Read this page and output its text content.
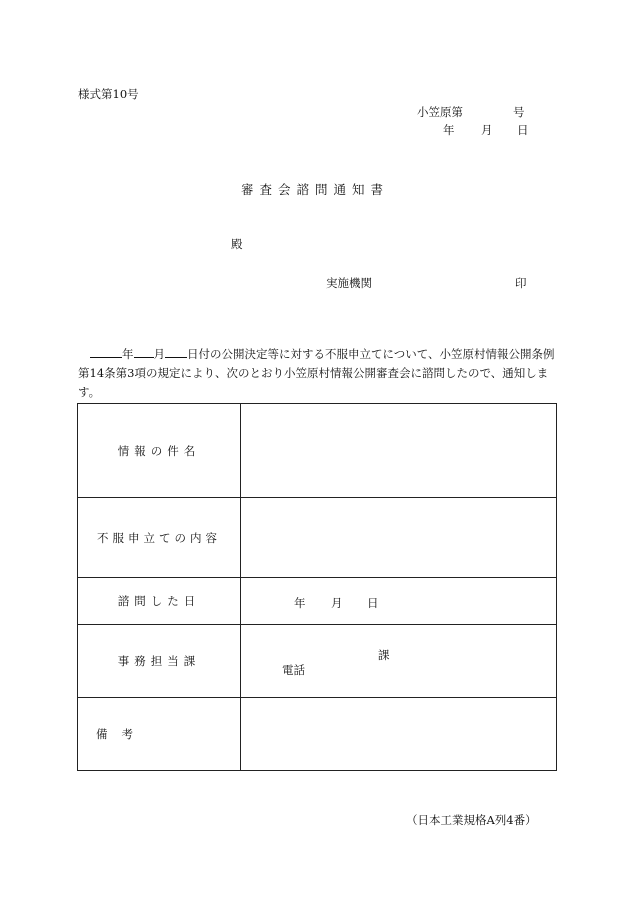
様式第10号
小笠原第	号
年 月 日
審査会諮問通知書
殿
実施機関	印
年 月 日付の公開決定等に対する不服申立てについて、小笠原村情報公開条例第14条第3項の規定により、次のとおり小笠原村情報公開審査会に諮問したので、通知します。
情報の件名	
不服申立ての内容	
諮問した日	年 月 日

事務担当課	課
電話

備考	
（日本工業規格A列4番）
